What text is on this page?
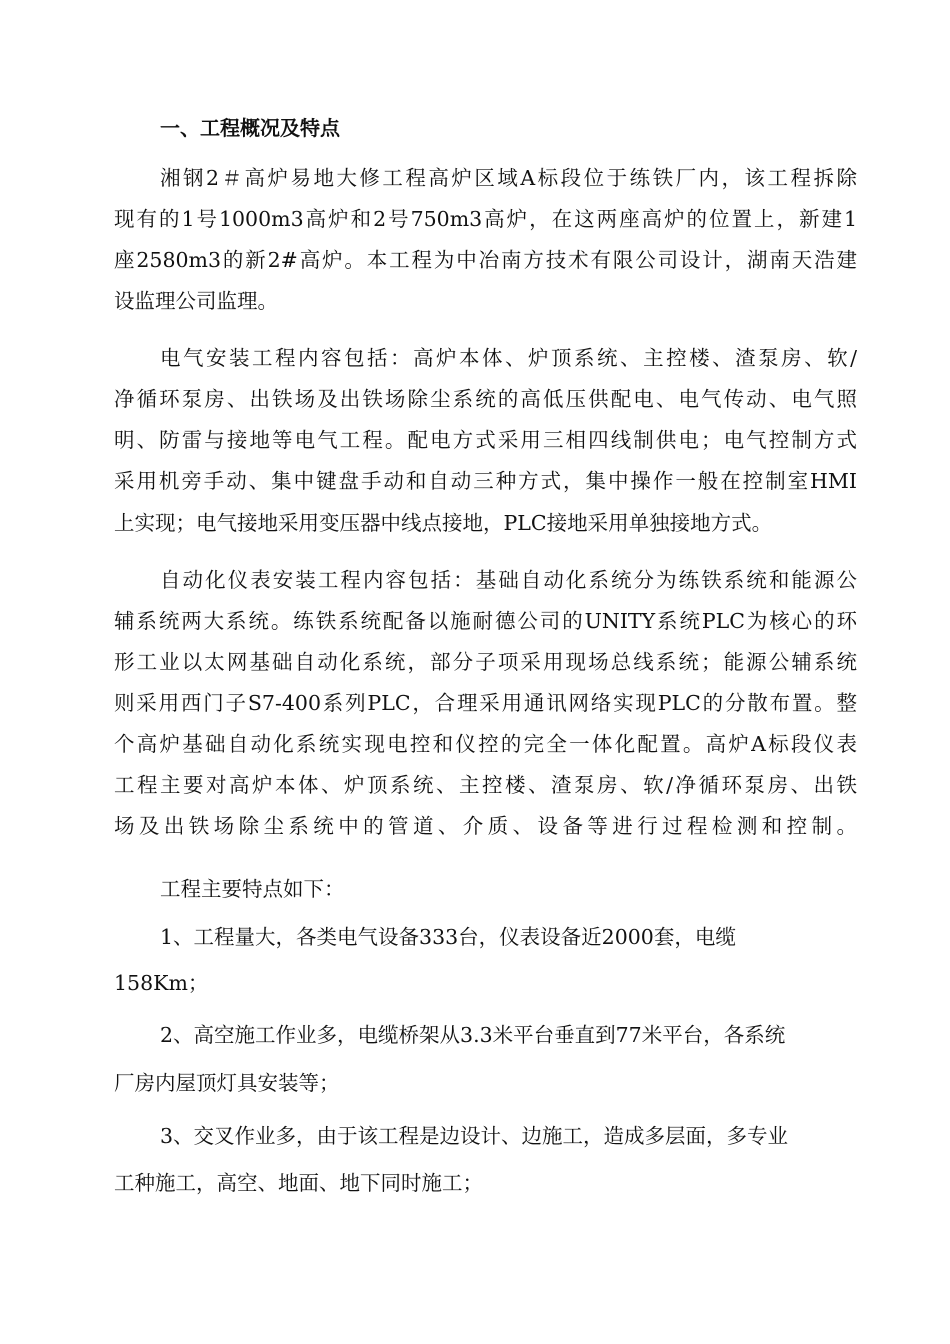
一、工程概况及特点
湘钢2＃高炉易地大修工程高炉区域A标段位于练铁厂内，该工程拆除
现有的1号1000m3高炉和2号750m3高炉，在这两座高炉的位置上，新建1
座2580m3的新2#高炉。本工程为中冶南方技术有限公司设计，湖南天浩建
设监理公司监理。
电气安装工程内容包括：高炉本体、炉顶系统、主控楼、渣泵房、软/
净循环泵房、出铁场及出铁场除尘系统的高低压供配电、电气传动、电气照
明、防雷与接地等电气工程。配电方式采用三相四线制供电；电气控制方式
采用机旁手动、集中键盘手动和自动三种方式，集中操作一般在控制室HMI
上实现；电气接地采用变压器中线点接地，PLC接地采用单独接地方式。
自动化仪表安装工程内容包括：基础自动化系统分为练铁系统和能源公
辅系统两大系统。练铁系统配备以施耐德公司的UNITY系统PLC为核心的环
形工业以太网基础自动化系统，部分子项采用现场总线系统；能源公辅系统
则采用西门子S7-400系列PLC，合理采用通讯网络实现PLC的分散布置。整
个高炉基础自动化系统实现电控和仪控的完全一体化配置。高炉A标段仪表
工程主要对高炉本体、炉顶系统、主控楼、渣泵房、软/净循环泵房、出铁
场及出铁场除尘系统中的管道、介质、设备等进行过程检测和控制。
工程主要特点如下：
1、工程量大，各类电气设备333台，仪表设备近2000套，电缆
158Km；
2、高空施工作业多，电缆桥架从3.3米平台垂直到77米平台，各系统
厂房内屋顶灯具安装等；
3、交叉作业多，由于该工程是边设计、边施工，造成多层面，多专业
工种施工，高空、地面、地下同时施工；
